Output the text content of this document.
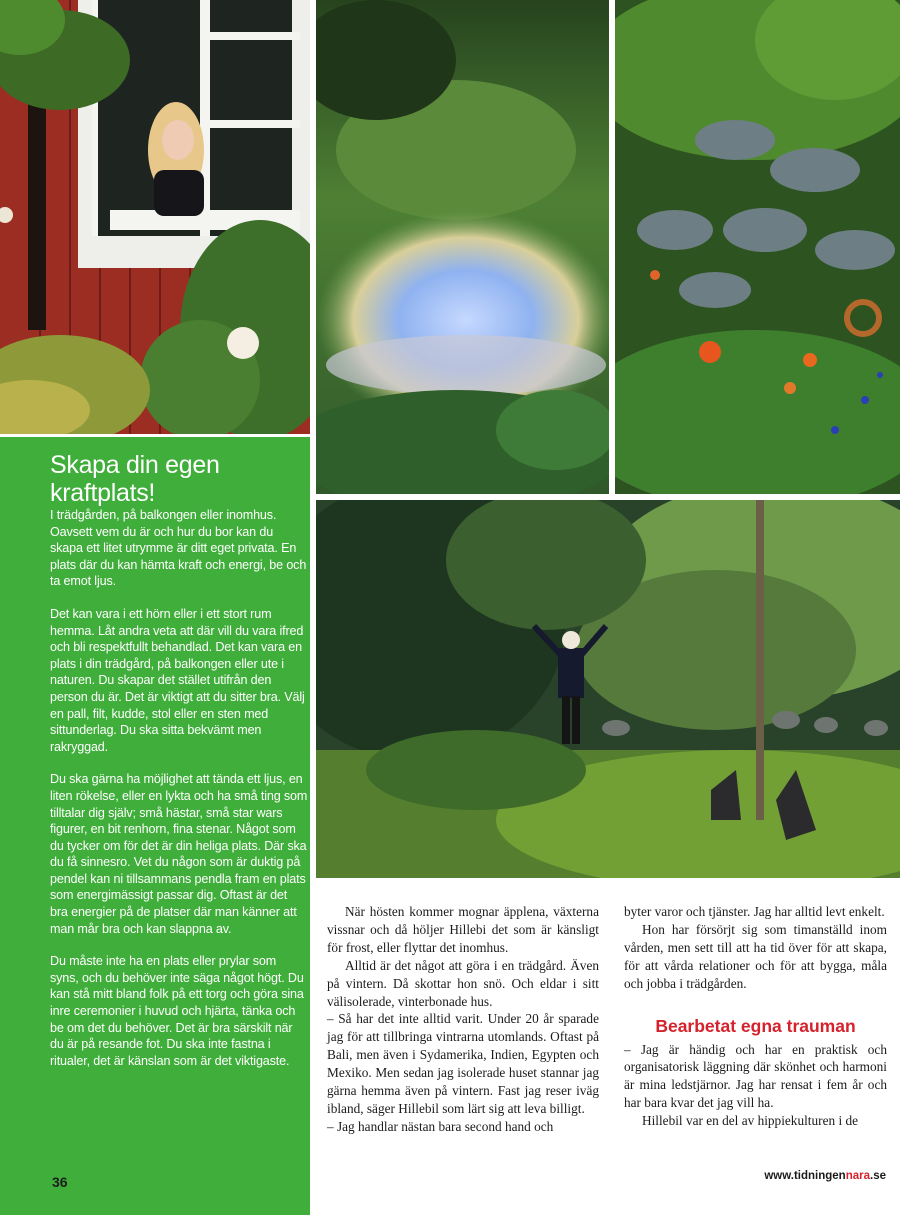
Skapa din egen kraftplats!

I trädgården, på balkongen eller inomhus. Oavsett vem du är och hur du bor kan du skapa ett litet utrymme är ditt eget privata. En plats där du kan hämta kraft och energi, be och ta emot ljus.

Det kan vara i ett hörn eller i ett stort rum hemma. Låt andra veta att där vill du vara ifred och bli respektfullt behandlad. Det kan vara en plats i din trädgård, på balkongen eller ute i naturen. Du skapar det stället utifrån den person du är. Det är viktigt att du sitter bra. Välj en pall, filt, kudde, stol eller en sten med sittunderlag. Du ska sitta bekvämt men rakryggad.

Du ska gärna ha möjlighet att tända ett ljus, en liten rökelse, eller en lykta och ha små ting som tilltalar dig själv; små hästar, små star wars figurer, en bit renhorn, fina stenar. Något som du tycker om för det är din heliga plats. Där ska du få sinnesro. Vet du någon som är duktig på pendel kan ni tillsammans pendla fram en plats som energimässigt passar dig. Oftast är det bra energier på de platser där man känner att man mår bra och kan slappna av.

Du måste inte ha en plats eller prylar som syns, och du behöver inte säga något högt. Du kan stå mitt bland folk på ett torg och göra sina inre ceremonier i huvud och hjärta, tänka och be om det du behöver. Det är bra särskilt när du är på resande fot. Du ska inte fastna i ritualer, det är känslan som är det viktigaste.

36

När hösten kommer mognar äpplena, växterna vissnar och då höljer Hillebi det som är känsligt för frost, eller flyttar det inomhus.

Alltid är det något att göra i en trädgård. Även på vintern. Då skottar hon snö. Och eldar i sitt välisolerade, vinterbonade hus.

– Så har det inte alltid varit. Under 20 år sparade jag för att tillbringa vintrarna utomlands. Oftast på Bali, men även i Sydamerika, Indien, Egypten och Mexiko. Men sedan jag isolerade huset stannar jag gärna hemma även på vintern. Fast jag reser iväg ibland, säger Hillebil som lärt sig att leva billigt.

– Jag handlar nästan bara second hand och

byter varor och tjänster. Jag har alltid levt enkelt.

Hon har försörjt sig som timanställd inom vården, men sett till att ha tid över för att skapa, för att vårda relationer och för att bygga, måla och jobba i trädgården.

Bearbetat egna trauman

– Jag är händig och har en praktisk och organisatorisk läggning där skönhet och harmoni är mina ledstjärnor. Jag har rensat i fem år och har bara kvar det jag vill ha.

Hillebil var en del av hippiekulturen i de

www.tidningennara.se
